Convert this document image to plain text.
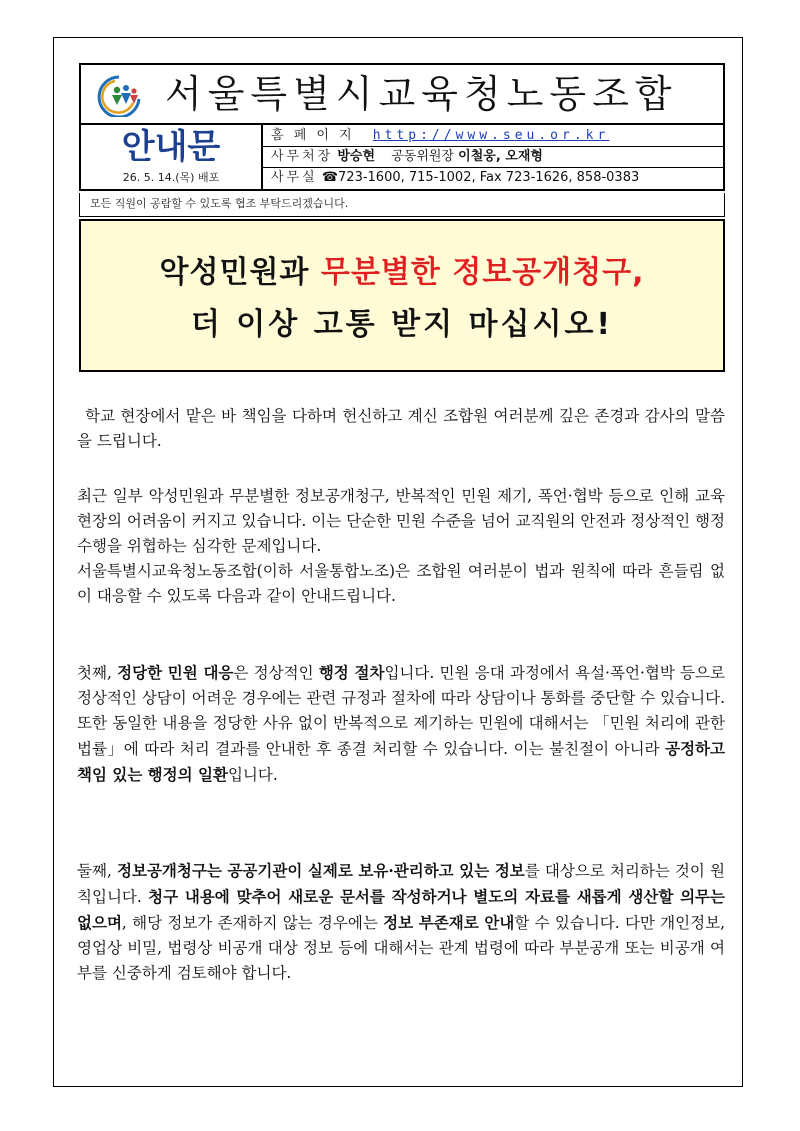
서울특별시교육청노동조합
안내문
26. 5. 14.(목) 배포
홈 페 이 지 http://www.seu.or.kr
사무처장 방승현 공동위원장 이철웅, 오재형
사무실 ☎723-1600, 715-1002, Fax 723-1626, 858-0383
모든 직원이 공람할 수 있도록 협조 부탁드리겠습니다.
악성민원과 무분별한 정보공개청구,
더 이상 고통 받지 마십시오!
학교 현장에서 맡은 바 책임을 다하며 헌신하고 계신 조합원 여러분께 깊은 존경과 감사의 말씀을 드립니다.
최근 일부 악성민원과 무분별한 정보공개청구, 반복적인 민원 제기, 폭언·협박 등으로 인해 교육 현장의 어려움이 커지고 있습니다. 이는 단순한 민원 수준을 넘어 교직원의 안전과 정상적인 행정 수행을 위협하는 심각한 문제입니다.
서울특별시교육청노동조합(이하 서울통합노조)은 조합원 여러분이 법과 원칙에 따라 흔들림 없이 대응할 수 있도록 다음과 같이 안내드립니다.
첫째, 정당한 민원 대응은 정상적인 행정 절차입니다. 민원 응대 과정에서 욕설·폭언·협박 등으로 정상적인 상담이 어려운 경우에는 관련 규정과 절차에 따라 상담이나 통화를 중단할 수 있습니다. 또한 동일한 내용을 정당한 사유 없이 반복적으로 제기하는 민원에 대해서는 「민원 처리에 관한 법률」에 따라 처리 결과를 안내한 후 종결 처리할 수 있습니다. 이는 불친절이 아니라 공정하고 책임 있는 행정의 일환입니다.
둘째, 정보공개청구는 공공기관이 실제로 보유·관리하고 있는 정보를 대상으로 처리하는 것이 원칙입니다. 청구 내용에 맞추어 새로운 문서를 작성하거나 별도의 자료를 새롭게 생산할 의무는 없으며, 해당 정보가 존재하지 않는 경우에는 정보 부존재로 안내할 수 있습니다. 다만 개인정보, 영업상 비밀, 법령상 비공개 대상 정보 등에 대해서는 관계 법령에 따라 부분공개 또는 비공개 여부를 신중하게 검토해야 합니다.
